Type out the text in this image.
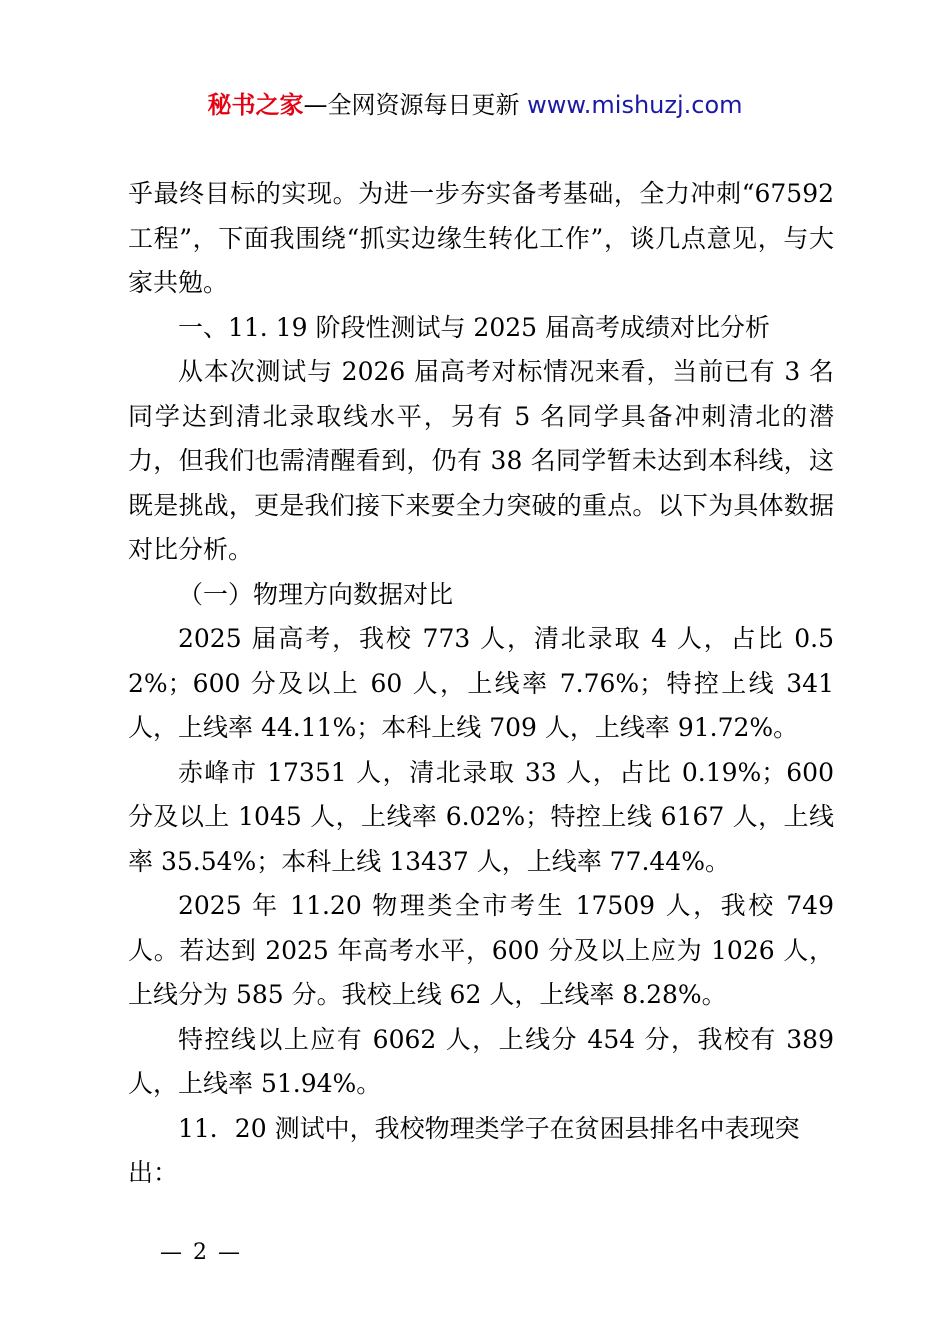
秘书之家—全网资源每日更新 www.mishuzj.com

乎最终目标的实现。为进一步夯实备考基础，全力冲刺“67592 工程”，下面我围绕“抓实边缘生转化工作”，谈几点意见，与大家共勉。

一、11. 19 阶段性测试与 2025 届高考成绩对比分析

从本次测试与 2026 届高考对标情况来看，当前已有 3 名同学达到清北录取线水平，另有 5 名同学具备冲刺清北的潜力，但我们也需清醒看到，仍有 38 名同学暂未达到本科线，这既是挑战，更是我们接下来要全力突破的重点。以下为具体数据对比分析。

（一）物理方向数据对比

2025 届高考，我校 773 人，清北录取 4 人，占比 0.52%；600 分及以上 60 人，上线率 7.76%；特控上线 341 人，上线率 44.11%；本科上线 709 人，上线率 91.72%。

赤峰市 17351 人，清北录取 33 人，占比 0.19%；600 分及以上 1045 人，上线率 6.02%；特控上线 6167 人，上线率 35.54%；本科上线 13437 人，上线率 77.44%。

2025 年 11.20 物理类全市考生 17509 人，我校 749 人。若达到 2025 年高考水平，600 分及以上应为 1026 人，上线分为 585 分。我校上线 62 人，上线率 8.28%。

特控线以上应有 6062 人，上线分 454 分，我校有 389 人，上线率 51.94%。

11．20 测试中，我校物理类学子在贫困县排名中表现突出：

— 2 —
